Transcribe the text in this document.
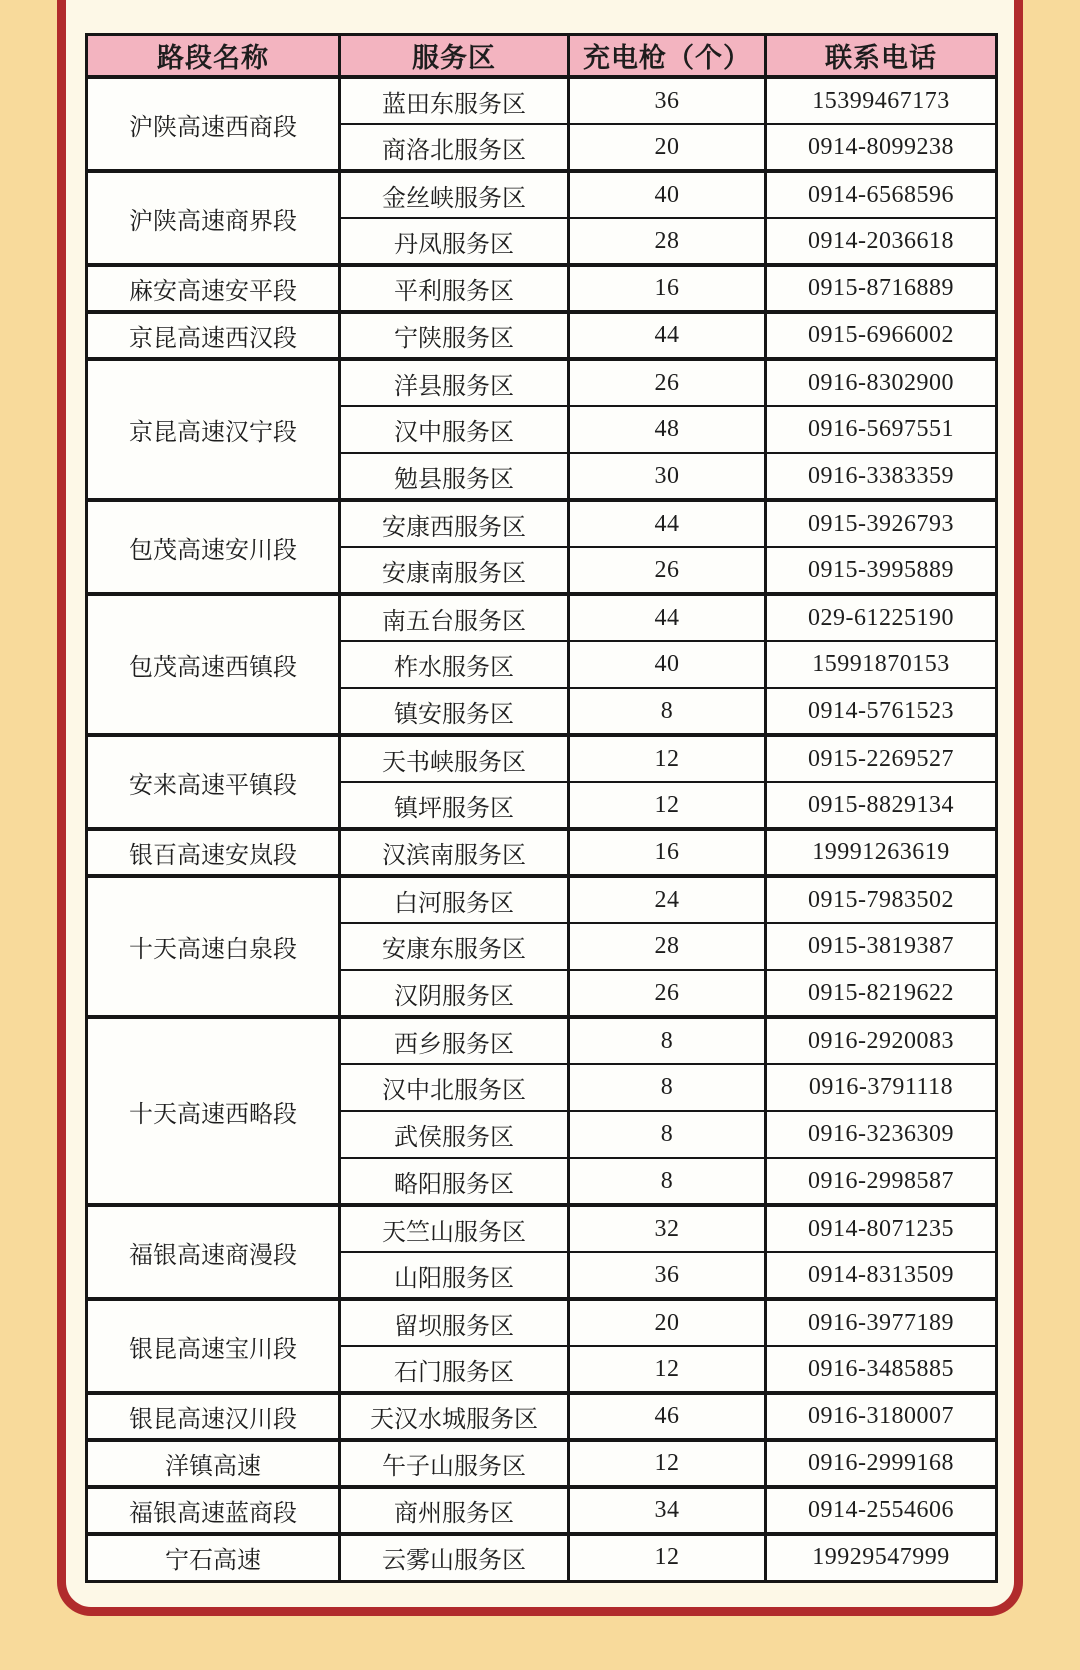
路段名称	服务区	充电枪（个）	联系电话
沪陕高速西商段	蓝田东服务区	36	15399467173
	商洛北服务区	20	0914-8099238
沪陕高速商界段	金丝峡服务区	40	0914-6568596
	丹凤服务区	28	0914-2036618
麻安高速安平段	平利服务区	16	0915-8716889
京昆高速西汉段	宁陕服务区	44	0915-6966002
京昆高速汉宁段	洋县服务区	26	0916-8302900
	汉中服务区	48	0916-5697551
	勉县服务区	30	0916-3383359
包茂高速安川段	安康西服务区	44	0915-3926793
	安康南服务区	26	0915-3995889
包茂高速西镇段	南五台服务区	44	029-61225190
	柞水服务区	40	15991870153
	镇安服务区	8	0914-5761523
安来高速平镇段	天书峡服务区	12	0915-2269527
	镇坪服务区	12	0915-8829134
银百高速安岚段	汉滨南服务区	16	19991263619
十天高速白泉段	白河服务区	24	0915-7983502
	安康东服务区	28	0915-3819387
	汉阴服务区	26	0915-8219622
十天高速西略段	西乡服务区	8	0916-2920083
	汉中北服务区	8	0916-3791118
	武侯服务区	8	0916-3236309
	略阳服务区	8	0916-2998587
福银高速商漫段	天竺山服务区	32	0914-8071235
	山阳服务区	36	0914-8313509
银昆高速宝川段	留坝服务区	20	0916-3977189
	石门服务区	12	0916-3485885
银昆高速汉川段	天汉水城服务区	46	0916-3180007
洋镇高速	午子山服务区	12	0916-2999168
福银高速蓝商段	商州服务区	34	0914-2554606
宁石高速	云雾山服务区	12	19929547999
